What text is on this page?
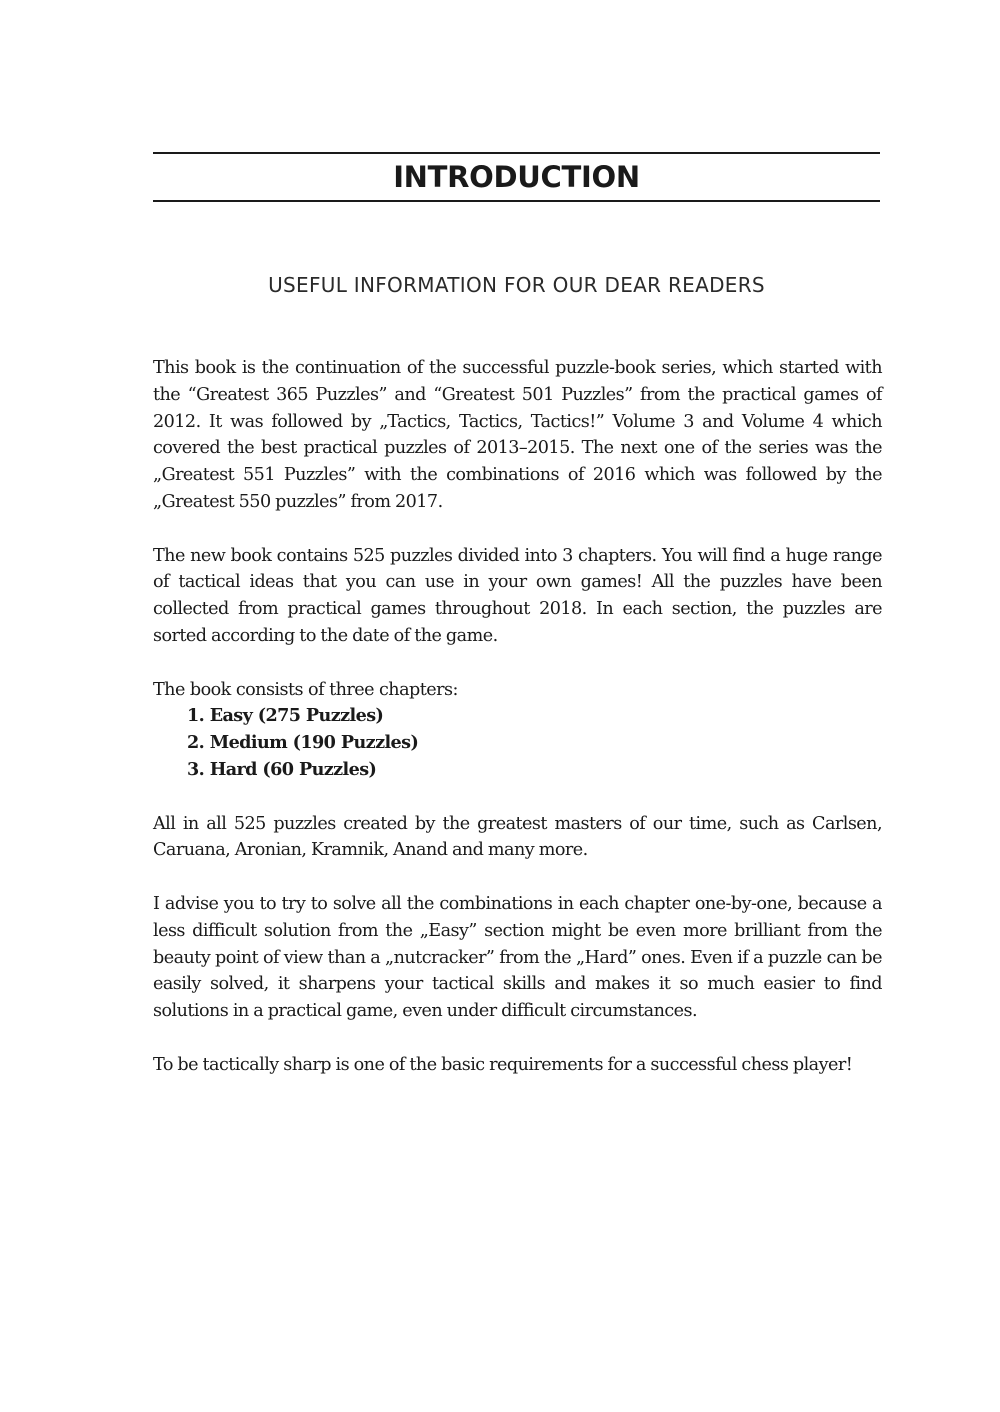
INTRODUCTION
USEFUL INFORMATION FOR OUR DEAR READERS

This book is the continuation of the successful puzzle-book series, which started with the “Greatest 365 Puzzles” and “Greatest 501 Puzzles” from the practical games of 2012. It was followed by „Tactics, Tactics, Tactics!” Volume 3 and Volume 4 which covered the best practical puzzles of 2013–2015. The next one of the series was the „Greatest 551 Puzzles” with the combinations of 2016 which was followed by the „Greatest 550 puzzles” from 2017.

The new book contains 525 puzzles divided into 3 chapters. You will find a huge range of tactical ideas that you can use in your own games! All the puzzles have been collected from practical games throughout 2018. In each section, the puzzles are sorted according to the date of the game.

The book consists of three chapters:

1. Easy (275 Puzzles)
2. Medium (190 Puzzles)
3. Hard (60 Puzzles)

All in all 525 puzzles created by the greatest masters of our time, such as Carlsen, Caruana, Aronian, Kramnik, Anand and many more.

I advise you to try to solve all the combinations in each chapter one-by-one, because a less difficult solution from the „Easy” section might be even more brilliant from the beauty point of view than a „nutcracker” from the „Hard” ones. Even if a puzzle can be easily solved, it sharpens your tactical skills and makes it so much easier to find solutions in a practical game, even under difficult circumstances.

To be tactically sharp is one of the basic requirements for a successful chess player!
